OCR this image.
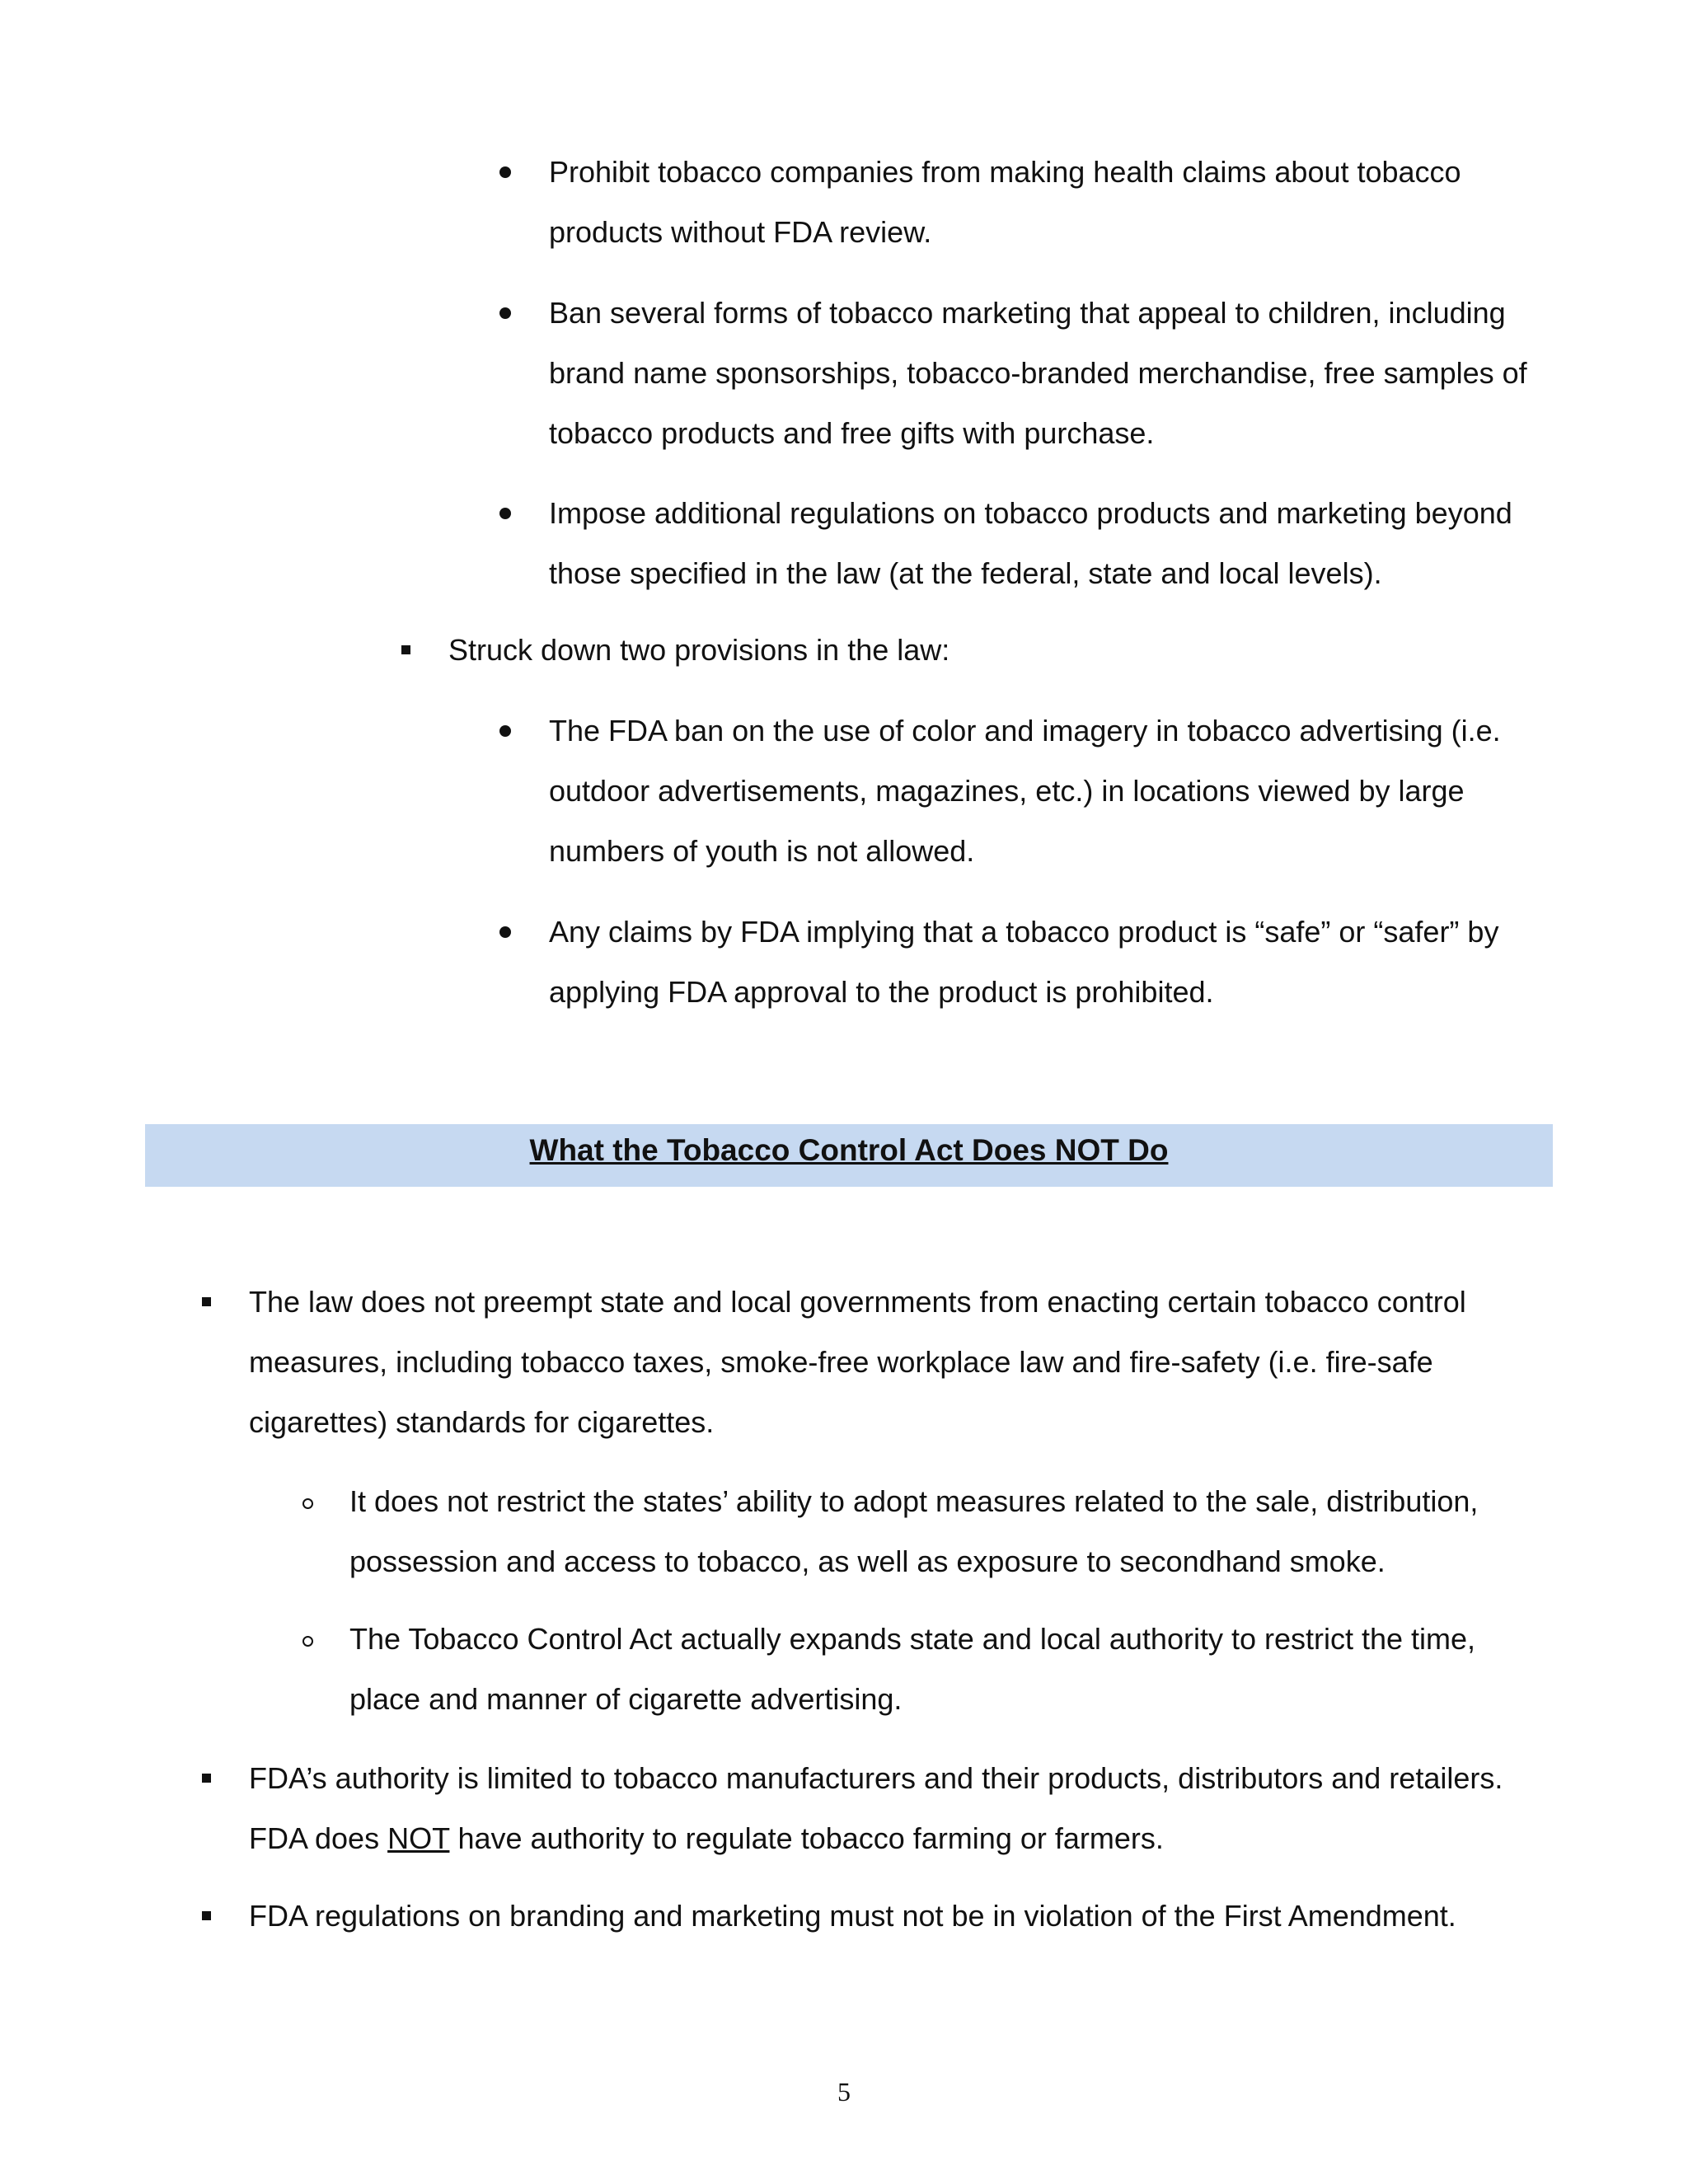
Prohibit tobacco companies from making health claims about tobacco products without FDA review.

Ban several forms of tobacco marketing that appeal to children, including brand name sponsorships, tobacco-branded merchandise, free samples of tobacco products and free gifts with purchase.

Impose additional regulations on tobacco products and marketing beyond those specified in the law (at the federal, state and local levels).

Struck down two provisions in the law:

The FDA ban on the use of color and imagery in tobacco advertising (i.e. outdoor advertisements, magazines, etc.) in locations viewed by large numbers of youth is not allowed.

Any claims by FDA implying that a tobacco product is “safe” or “safer” by applying FDA approval to the product is prohibited.

What the Tobacco Control Act Does NOT Do

The law does not preempt state and local governments from enacting certain tobacco control measures, including tobacco taxes, smoke-free workplace law and fire-safety (i.e. fire-safe cigarettes) standards for cigarettes.

It does not restrict the states’ ability to adopt measures related to the sale, distribution, possession and access to tobacco, as well as exposure to secondhand smoke.

The Tobacco Control Act actually expands state and local authority to restrict the time, place and manner of cigarette advertising.

FDA’s authority is limited to tobacco manufacturers and their products, distributors and retailers. FDA does NOT have authority to regulate tobacco farming or farmers.

FDA regulations on branding and marketing must not be in violation of the First Amendment.

5
